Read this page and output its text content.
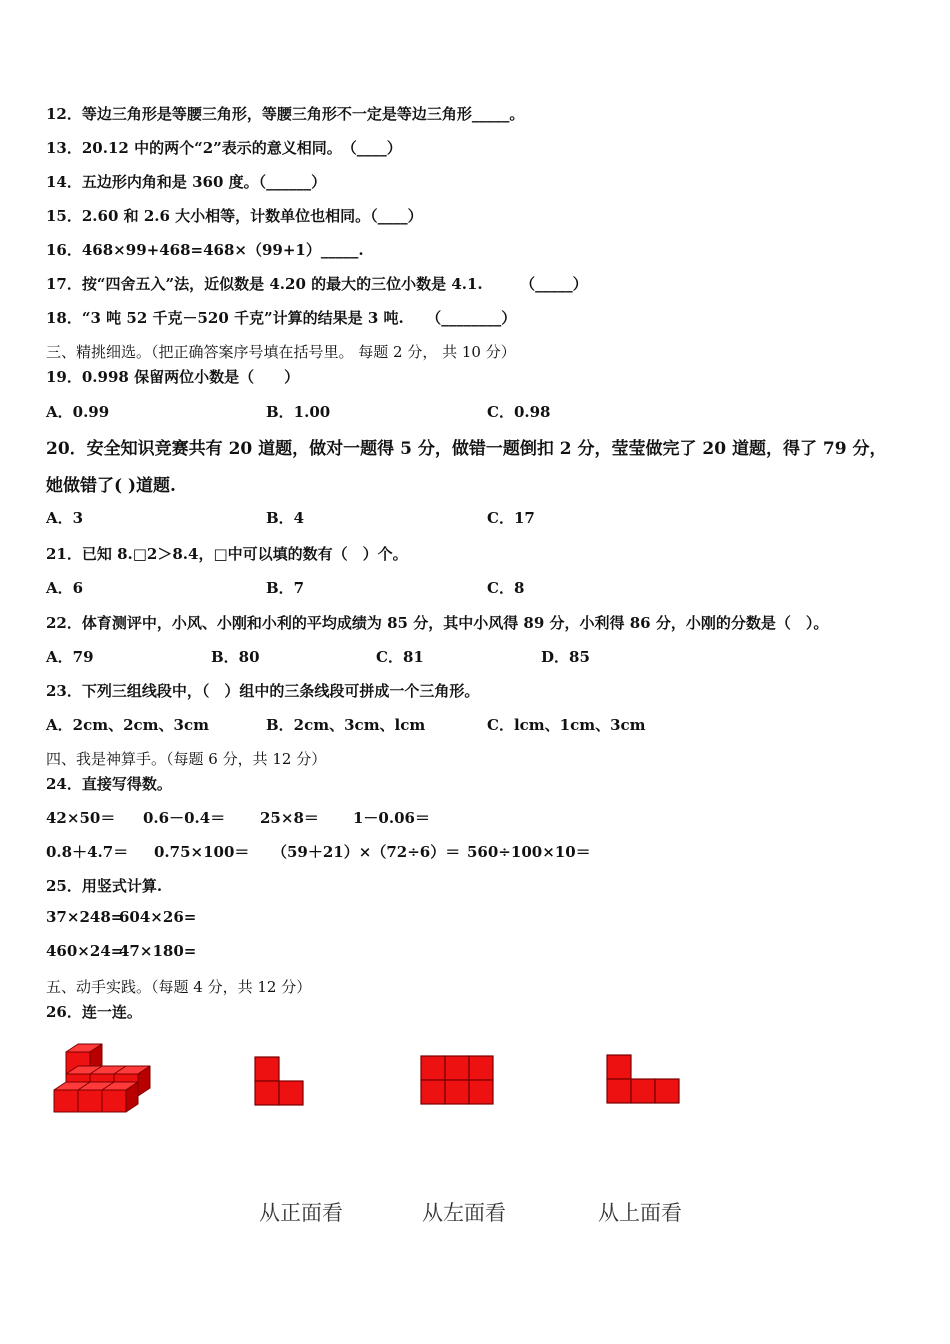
12．等边三角形是等腰三角形，等腰三角形不一定是等边三角形_____。
13．20.12 中的两个“2”表示的意义相同。　（____）
14．五边形内角和是 360 度。（______）
15．2.60 和 2.6 大小相等，计数单位也相同。（____）
16．468×99+468=468×（99+1）_____.
17．按“四舍五入”法，近似数是 4.20 的最大的三位小数是 4.1.　　　（_____）
18．“3 吨 52 千克－520 千克”计算的结果是 3 吨.　　（________）
三、精挑细选。（把正确答案序号填在括号里。 每题 2 分， 共 10 分）
19．0.998 保留两位小数是（　　）
A．0.99	B．1.00	C．0.98
20．安全知识竞赛共有 20 道题，做对一题得 5 分，做错一题倒扣 2 分，莹莹做完了 20 道题，得了 79 分，
她做错了( )道题.
A．3	B．4	C．17
21．已知 8.□2＞8.4，□中可以填的数有（　）个。
A．6	B．7	C．8
22．体育测评中，小风、小刚和小利的平均成绩为 85 分，其中小风得 89 分，小利得 86 分，小刚的分数是（　）。
A．79	B．80	C．81	D．85
23．下列三组线段中，（　）组中的三条线段可拼成一个三角形。
A．2cm、2cm、3cm	B．2cm、3cm、lcm	C．lcm、1cm、3cm
四、我是神算手。（每题 6 分，共 12 分）
24．直接写得数。
42×50＝ 0.6－0.4＝ 25×8＝ 1－0.06＝
0.8＋4.7＝ 0.75×100＝ （59＋21）×（72÷6）＝ 560÷100×10＝
25．用竖式计算.
37×248=
604×26=
460×24=
47×180=
五、动手实践。（每题 4 分，共 12 分）
26．连一连。
从正面看	从左面看	从上面看
